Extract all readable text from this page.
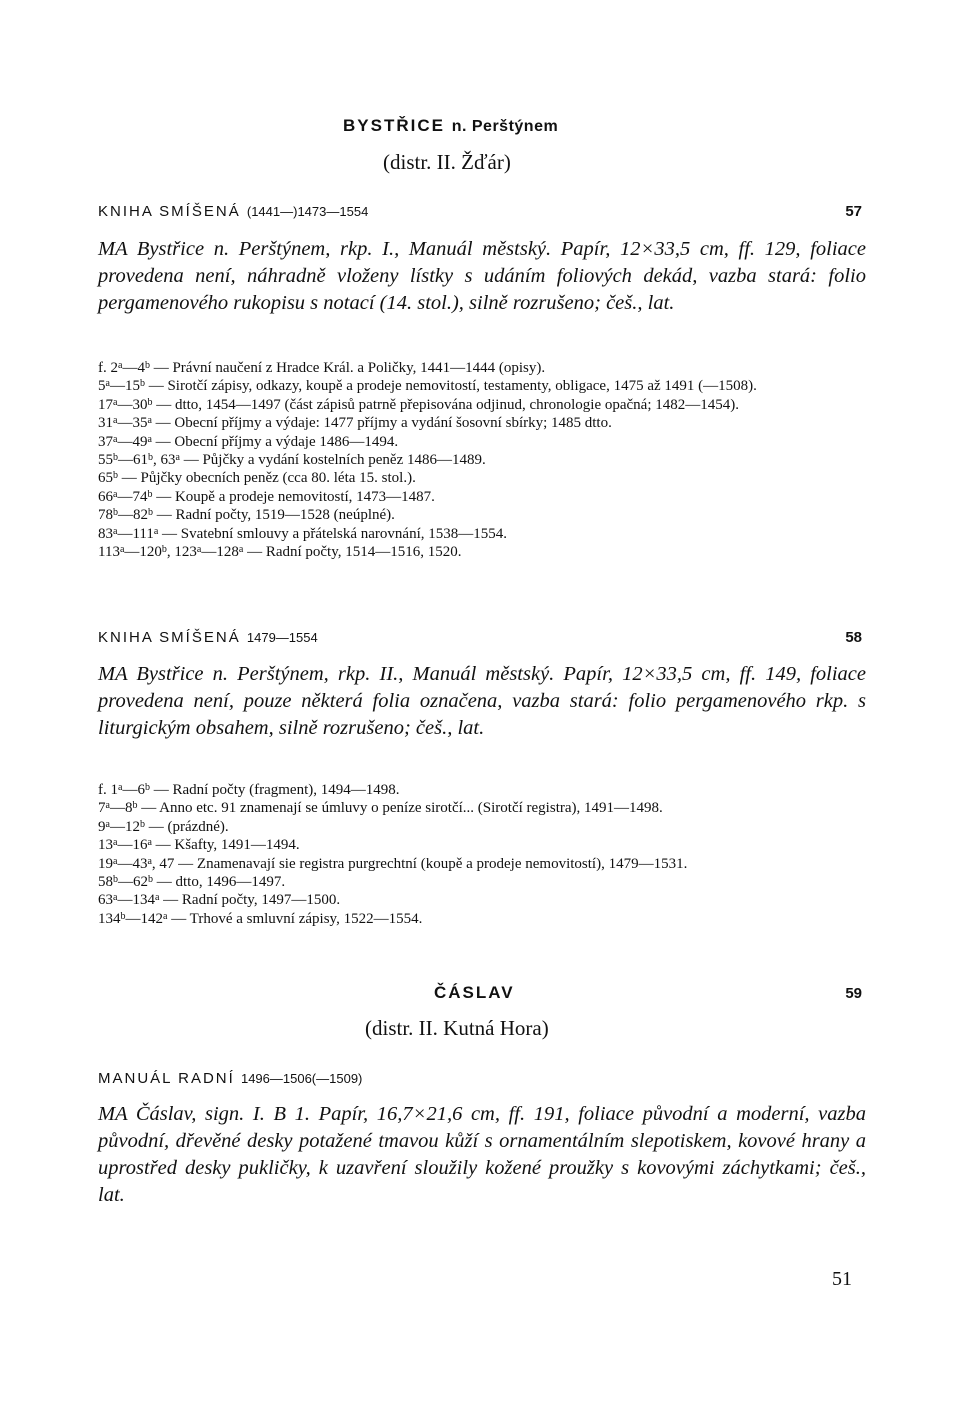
BYSTŘICE n. Perštýnem
(distr. II. Žďár)
KNIHA SMÍŠENÁ (1441—)1473—1554	57
MA Bystřice n. Perštýnem, rkp. I., Manuál městský. Papír, 12×33,5 cm, ff. 129, foliace provedena není, náhradně vloženy lístky s udáním foliových dekád, vazba stará: folio pergamenového rukopisu s notací (14. stol.), silně rozrušeno; češ., lat.
f. 2$^a$—4$^b$ — Právní naučení z Hradce Král. a Poličky, 1441—1444 (opisy).
5$^a$—15$^b$ — Sirotčí zápisy, odkazy, koupě a prodeje nemovitostí, testamenty, obligace, 1475 až 1491 (—1508).
17$^a$—30$^b$ — dtto, 1454—1497 (část zápisů patrně přepisována odjinud, chronologie opačná; 1482—1454).
31$^a$—35$^a$ — Obecní příjmy a výdaje: 1477 příjmy a vydání šosovní sbírky; 1485 dtto.
37$^a$—49$^a$ — Obecní příjmy a výdaje 1486—1494.
55$^b$—61$^b$, 63$^a$ — Půjčky a vydání kostelních peněz 1486—1489.
65$^b$ — Půjčky obecních peněz (cca 80. léta 15. stol.).
66$^a$—74$^b$ — Koupě a prodeje nemovitostí, 1473—1487.
78$^b$—82$^b$ — Radní počty, 1519—1528 (neúplné).
83$^a$—111$^a$ — Svatební smlouvy a přátelská narovnání, 1538—1554.
113$^a$—120$^b$, 123$^a$—128$^a$ — Radní počty, 1514—1516, 1520.
KNIHA SMÍŠENÁ 1479—1554	58
MA Bystřice n. Perštýnem, rkp. II., Manuál městský. Papír, 12×33,5 cm, ff. 149, foliace provedena není, pouze některá folia označena, vazba stará: folio pergamenového rkp. s liturgickým obsahem, silně rozrušeno; češ., lat.
f. 1$^a$—6$^b$ — Radní počty (fragment), 1494—1498.
7$^a$—8$^b$ — Anno etc. 91 znamenají se úmluvy o peníze sirotčí... (Sirotčí registra), 1491—1498.
9$^a$—12$^b$ — (prázdné).
13$^a$—16$^a$ — Kšafty, 1491—1494.
19$^a$—43$^a$, 47 — Znamenavají sie registra purgrechtní (koupě a prodeje nemovitostí), 1479—1531.
58$^b$—62$^b$ — dtto, 1496—1497.
63$^a$—134$^a$ — Radní počty, 1497—1500.
134$^b$—142$^a$ — Trhové a smluvní zápisy, 1522—1554.
ČÁSLAV	59
(distr. II. Kutná Hora)
MANUÁL RADNÍ 1496—1506(—1509)
MA Čáslav, sign. I. B 1. Papír, 16,7×21,6 cm, ff. 191, foliace původní a moderní, vazba původní, dřevěné desky potažené tmavou kůží s ornamentálním slepotiskem, kovové hrany a uprostřed desky pukličky, k uzavření sloužily kožené proužky s kovovými záchytkami; češ., lat.
51
